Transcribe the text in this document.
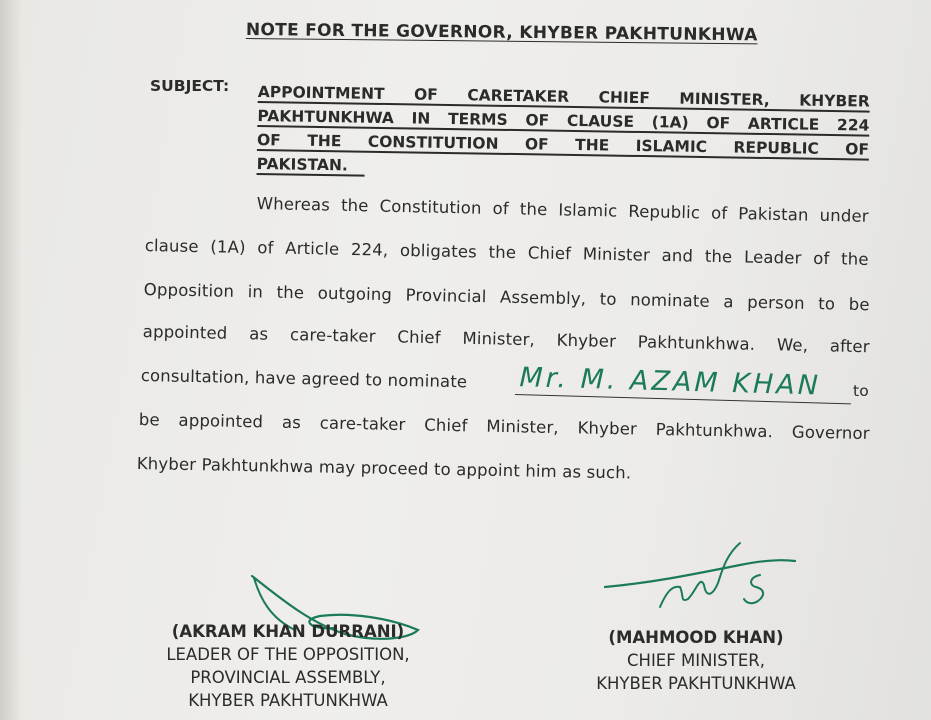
NOTE FOR THE GOVERNOR, KHYBER PAKHTUNKHWA
SUBJECT: APPOINTMENT OF CARETAKER CHIEF MINISTER, KHYBER
PAKHTUNKHWA IN TERMS OF CLAUSE (1A) OF ARTICLE 224
OF THE CONSTITUTION OF THE ISLAMIC REPUBLIC OF
PAKISTAN.
Whereas the Constitution of the Islamic Republic of Pakistan under
clause (1A) of Article 224, obligates the Chief Minister and the Leader of the
Opposition in the outgoing Provincial Assembly, to nominate a person to be
appointed as care-taker Chief Minister, Khyber Pakhtunkhwa. We, after
consultation, have agreed to nominate Mr. M. AZAM KHAN to
be appointed as care-taker Chief Minister, Khyber Pakhtunkhwa. Governor
Khyber Pakhtunkhwa may proceed to appoint him as such.
(AKRAM KHAN DURRANI)
LEADER OF THE OPPOSITION,
PROVINCIAL ASSEMBLY,
KHYBER PAKHTUNKHWA
(MAHMOOD KHAN)
CHIEF MINISTER,
KHYBER PAKHTUNKHWA
